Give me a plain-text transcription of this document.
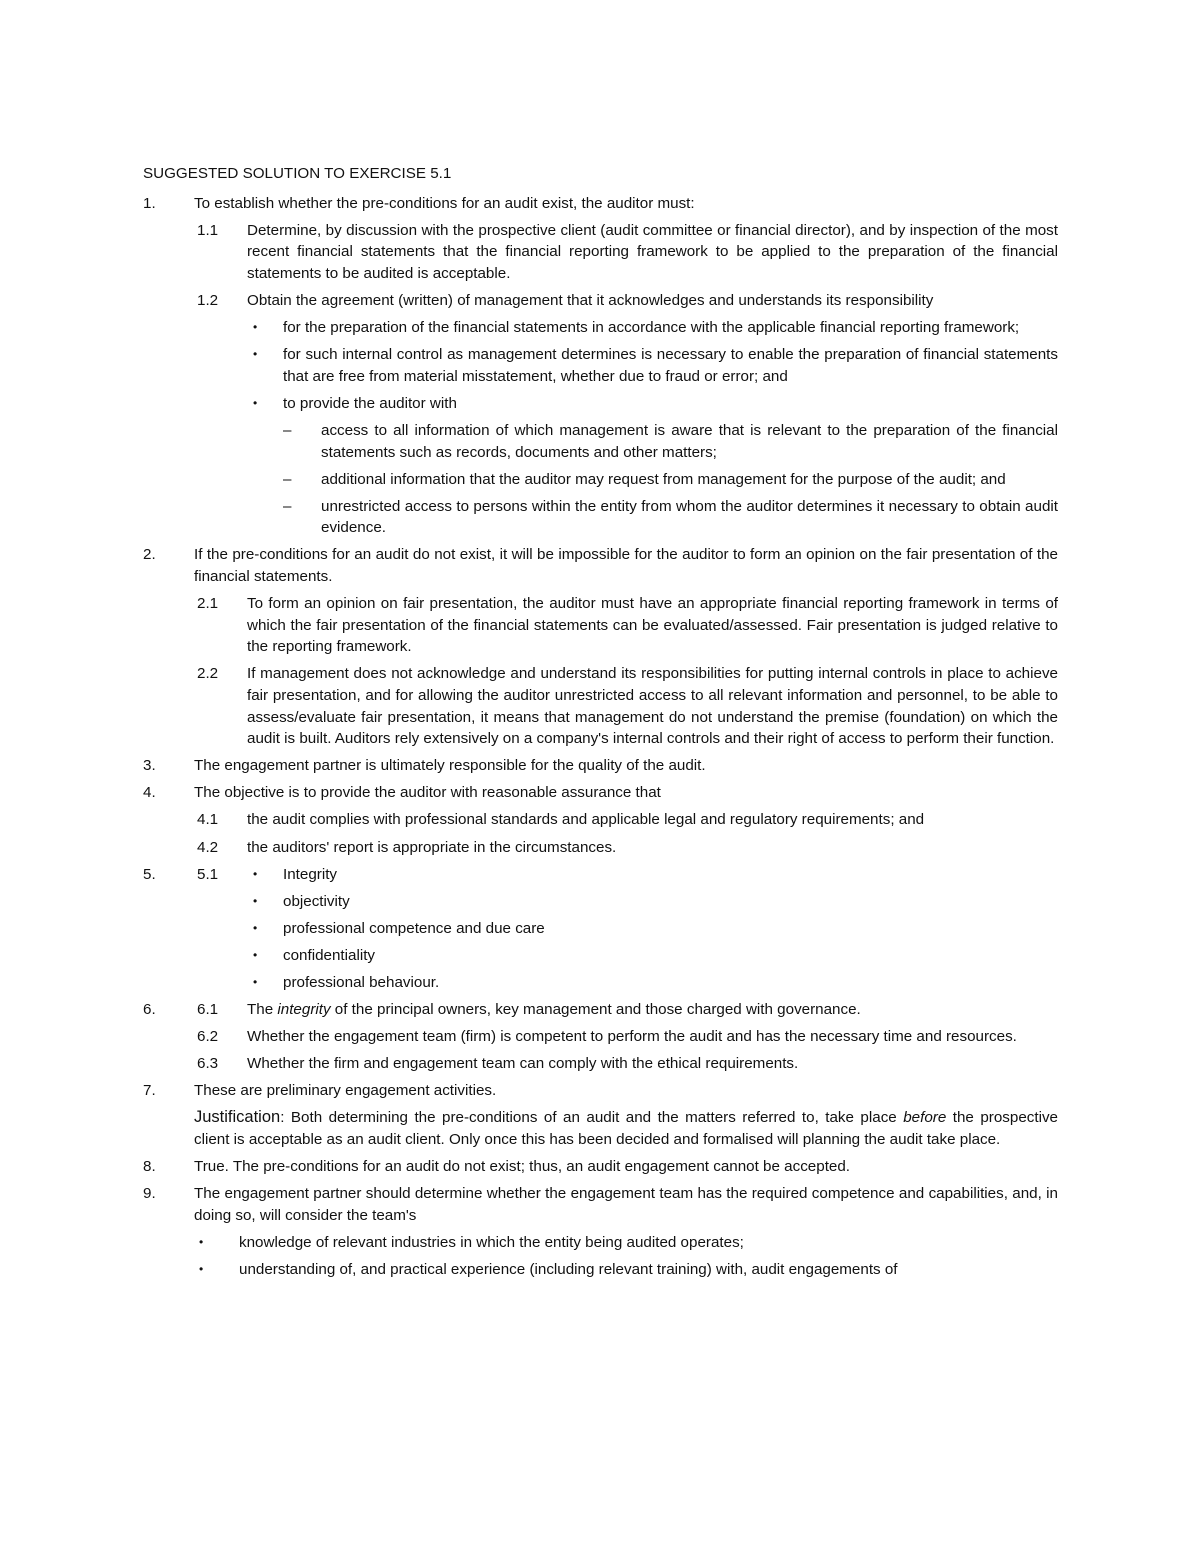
SUGGESTED SOLUTION TO EXERCISE 5.1
1.	To establish whether the pre-conditions for an audit exist, the auditor must:
1.1 Determine, by discussion with the prospective client (audit committee or financial director), and by inspection of the most recent financial statements that the financial reporting framework to be applied to the preparation of the financial statements to be audited is acceptable.
1.2 Obtain the agreement (written) of management that it acknowledges and understands its responsibility
• for the preparation of the financial statements in accordance with the applicable financial reporting framework;
• for such internal control as management determines is necessary to enable the preparation of financial statements that are free from material misstatement, whether due to fraud or error; and
• to provide the auditor with
– access to all information of which management is aware that is relevant to the preparation of the financial statements such as records, documents and other matters;
– additional information that the auditor may request from management for the purpose of the audit; and
– unrestricted access to persons within the entity from whom the auditor determines it necessary to obtain audit evidence.
2.	If the pre-conditions for an audit do not exist, it will be impossible for the auditor to form an opinion on the fair presentation of the financial statements.
2.1 To form an opinion on fair presentation, the auditor must have an appropriate financial reporting framework in terms of which the fair presentation of the financial statements can be evaluated/assessed. Fair presentation is judged relative to the reporting framework.
2.2 If management does not acknowledge and understand its responsibilities for putting internal controls in place to achieve fair presentation, and for allowing the auditor unrestricted access to all relevant information and personnel, to be able to assess/evaluate fair presentation, it means that management do not understand the premise (foundation) on which the audit is built. Auditors rely extensively on a company's internal controls and their right of access to perform their function.
3.	The engagement partner is ultimately responsible for the quality of the audit.
4.	The objective is to provide the auditor with reasonable assurance that
4.1 the audit complies with professional standards and applicable legal and regulatory requirements; and
4.2 the auditors' report is appropriate in the circumstances.
5.	5.1	• Integrity
• objectivity
• professional competence and due care
• confidentiality
• professional behaviour.
6.	6.1 The integrity of the principal owners, key management and those charged with governance.
6.2 Whether the engagement team (firm) is competent to perform the audit and has the necessary time and resources.
6.3 Whether the firm and engagement team can comply with the ethical requirements.
7.	These are preliminary engagement activities.
Justification: Both determining the pre-conditions of an audit and the matters referred to, take place before the prospective client is acceptable as an audit client. Only once this has been decided and formalised will planning the audit take place.
8.	True. The pre-conditions for an audit do not exist; thus, an audit engagement cannot be accepted.
9.	The engagement partner should determine whether the engagement team has the required competence and capabilities, and, in doing so, will consider the team's
• knowledge of relevant industries in which the entity being audited operates;
• understanding of, and practical experience (including relevant training) with, audit engagements of
